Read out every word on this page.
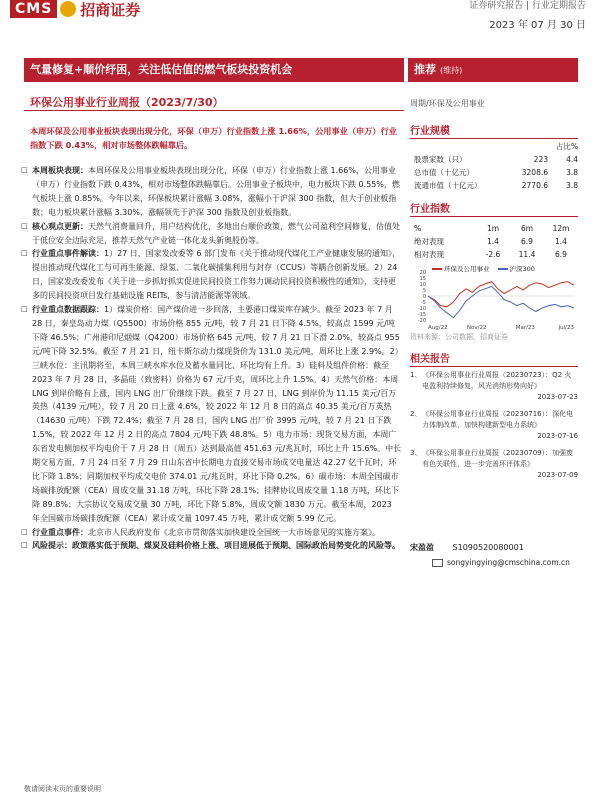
CMS	招商证券	证券研究报告 | 行业定期报告
2023 年 07 月 30 日
气量修复+顺价纾困，关注低估值的燃气板块投资机会	推荐 (维持)
环保公用事业行业周报（2023/7/30）	周期/环保及公用事业
本周环保及公用事业板块表现出现分化，环保（申万）行业指数上涨 1.66%，公用事业（申万）行业指数下跌 0.43%，相对市场整体跌幅靠后。

□ 本周板块表现：本周环保及公用事业板块表现出现分化，环保（申万）行业指数上涨 1.66%，公用事业（申万）行业指数下跌 0.43%，相对市场整体跌幅靠后。公用事业子板块中，电力板块下跌 0.55%，燃气板块上涨 0.85%。今年以来，环保板块累计涨幅 3.08%，涨幅小于沪深 300 指数，但大于创业板指数；电力板块累计涨幅 3.30%，涨幅领先于沪深 300 指数及创业板指数。

□ 核心观点更新：天然气消费量回升，用户结构优化，多地出台顺价政策，燃气公司盈利空间修复，估值处于低位安全边际充足，推荐天然气产业链一体化龙头新奥股份等。

□ 行业重点事件解读：1）27 日，国家发改委等 6 部门发布《关于推动现代煤化工产业健康发展的通知》，提出推动现代煤化工与可再生能源、绿氢、二氧化碳捕集利用与封存（CCUS）等耦合创新发展。2）24 日，国家发改委发布《关于进一步抓好抓实促进民间投资工作努力调动民间投资积极性的通知》，支持更多的民间投资项目发行基础设施 REITs，参与清洁能源等领域。

□ 行业重点数据跟踪：1）煤炭价格：国产煤价进一步回落，主要港口煤炭库存减少。截至 2023 年 7 月 28 日，秦皇岛动力煤（Q5500）市场价格 855 元/吨，较 7 月 21 日下降 4.5%，较高点 1599 元/吨下降 46.5%；广州港印尼烟煤（Q4200）市场价格 645 元/吨，较 7 月 21 日下滑 2.0%，较高点 955 元/吨下降 32.5%。截至 7 月 21 日，纽卡斯尔动力煤现货价为 131.0 美元/吨，周环比上涨 2.9%。2）三峡水位：主汛期将至，本周三峡水库水位及蓄水量同比、环比均有上升。3）硅料及组件价格：截至 2023 年 7 月 28 日，多晶硅（致密料）价格为 67 元/千克，周环比上升 1.5%。4）天然气价格：本周 LNG 到岸价略有上涨，国内 LNG 出厂价继续下跌。截至 7 月 27 日，LNG 到岸价为 11.15 美元/百万英热（4139 元/吨），较 7 月 20 日上涨 4.6%，较 2022 年 12 月 8 日的高点 40.35 美元/百万英热（14630 元/吨）下跌 72.4%；截至 7 月 28 日，国内 LNG 出厂价 3995 元/吨，较 7 月 21 日下跌 1.5%，较 2022 年 12 月 2 日的高点 7804 元/吨下跌 48.8%。5）电力市场：现货交易方面，本周广东省发电侧加权平均电价于 7 月 28 日（周五）达到最高值 451.63 元/兆瓦时，环比上升 15.6%。中长期交易方面，7 月 24 日至 7 月 29 日山东省中长期电力直接交易市场成交电量达 42.27 亿千瓦时，环比下降 1.8%；同期加权平均成交电价 374.01 元/兆瓦时，环比下降 0.2%。6）碳市场：本周全国碳市场碳排放配额（CEA）周成交量 31.18 万吨，环比下降 28.1%；挂牌协议周成交量 1.18 万吨，环比下降 89.8%；大宗协议交易成交量 30 万吨，环比下降 5.8%，周成交额 1830 万元。截至本周，2023 年全国碳市场碳排放配额（CEA）累计成交量 1097.45 万吨，累计成交额 5.99 亿元。

□ 行业重点事件：北京市人民政府发布《北京市贯彻落实加快建设全国统一大市场意见的实施方案》。

□ 风险提示：政策落实低于预期、煤炭及硅料价格上涨、项目进展低于预期、国际政治局势变化的风险等。

行业规模
占比%
股票家数（只）	223	4.4
总市值（十亿元）	3208.6	3.8
流通市值（十亿元）	2770.6	3.8
行业指数
%	1m	6m	12m
绝对表现	1.4	6.9	1.4
相对表现	-2.6	11.4	6.9
20
15
10
5
0
-5
-10
-15
-20
Aug/22	Nov/22	Mar/23	Jul/23
环保及公用事业	沪深300
资料来源：公司数据、招商证券
相关报告
1、 《环保公用事业行业周报（20230723）：Q2 火电盈利持续修复，风光消纳形势向好》
2023-07-23
2、 《环保公用事业行业周报（20230716）：深化电力体制改革，加快构建新型电力系统》
2023-07-16
3、 《环保公用事业行业周报（20230709）：加强废有色关联性，进一步完善环评体系》
2023-07-09
宋盈盈 S1090520080001
songyingying@cmschina.com.cn
敬请阅读末页的重要说明
